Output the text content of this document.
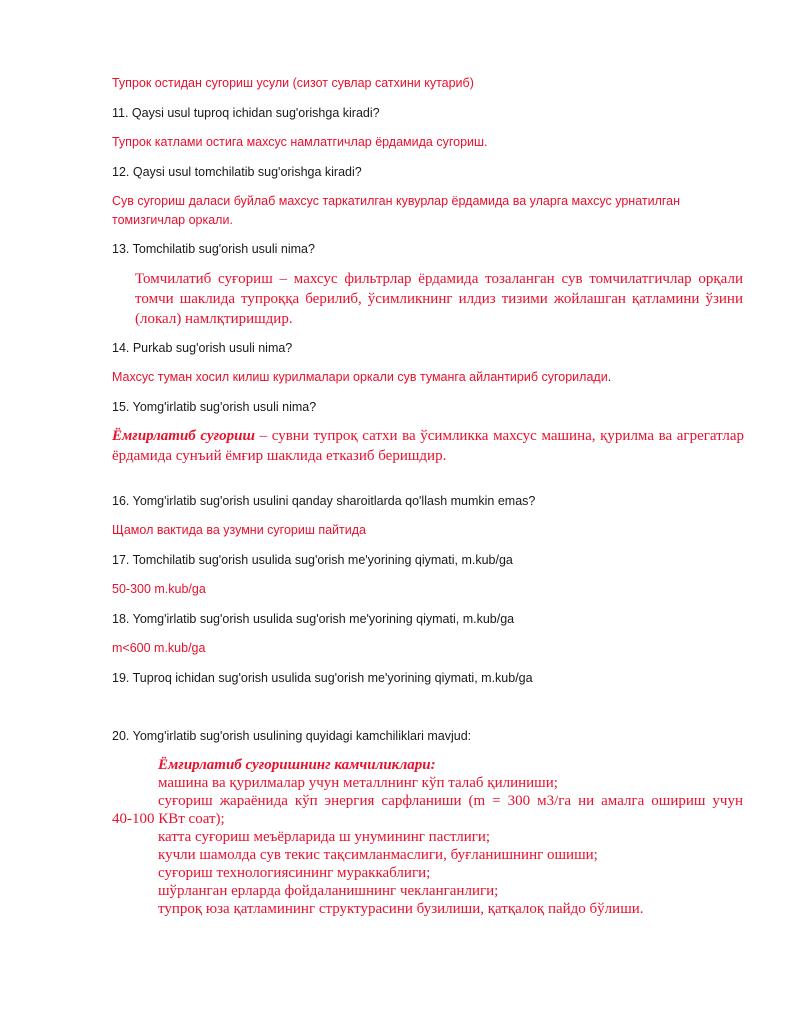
Тупрок остидан сугориш усули (сизот сувлар сатхини кутариб)

11. Qaysi usul tuproq ichidan sug'orishga kiradi?

Тупрок катлами остига махсус намлатгичлар ёрдамида сугориш.

12. Qaysi usul tomchilatib sug'orishga kiradi?

Сув сугориш даласи буйлаб махсус таркатилган кувурлар ёрдамида ва уларга махсус урнатилган

томизгичлар оркали.

13. Tomchilatib sug'orish usuli nima?

Томчилатиб суғориш – махсус фильтрлар ёрдамида тозаланган сув томчилатгичлар орқали томчи шаклида тупроққа берилиб, ўсимликнинг илдиз тизими жойлашган қатламини ўзини (локал) намлқтиришдир.

14. Purkab sug'orish usuli nima?

Махсус туман хосил килиш курилмалари оркали сув туманга айлантириб сугорилади.

15. Yomg'irlatib sug'orish usuli nima?

Ёмғирлатиб суғориш – сувни тупроқ сатхи ва ўсимликка махсус машина, қурилма ва агрегатлар ёрдамида сунъий ёмғир шаклида етказиб беришдир.

16. Yomg'irlatib sug'orish usulini qanday sharoitlarda qo'llash mumkin emas?

Щамол вактида ва узумни сугориш пайтида

17. Tomchilatib sug'orish usulida sug'orish me'yorining qiymati, m.kub/ga

50-300 m.kub/ga

18. Yomg'irlatib sug'orish usulida sug'orish me'yorining qiymati, m.kub/ga

m<600 m.kub/ga

19. Tuproq ichidan sug'orish usulida sug'orish me'yorining qiymati, m.kub/ga

20. Yomg'irlatib sug'orish usulining quyidagi kamchiliklari mavjud:

Ёмғирлатиб суғоришнинг камчиликлари:

машина ва қурилмалар учун металлнинг кўп талаб қилиниши;

суғориш жараёнида кўп энергия сарфланиши (m = 300 м3/га ни амалга ошириш учун

40-100 КВт соат);

катта суғориш меъёрларида ш унумининг пастлиги;

кучли шамолда сув текис тақсимланмаслиги, буғланишнинг ошиши;

суғориш технологиясининг мураккаблиги;

шўрланган ерларда фойдаланишнинг чекланганлиги;

тупроқ юза қатламининг структурасини бузилиши, қатқалоқ пайдо бўлиши.
